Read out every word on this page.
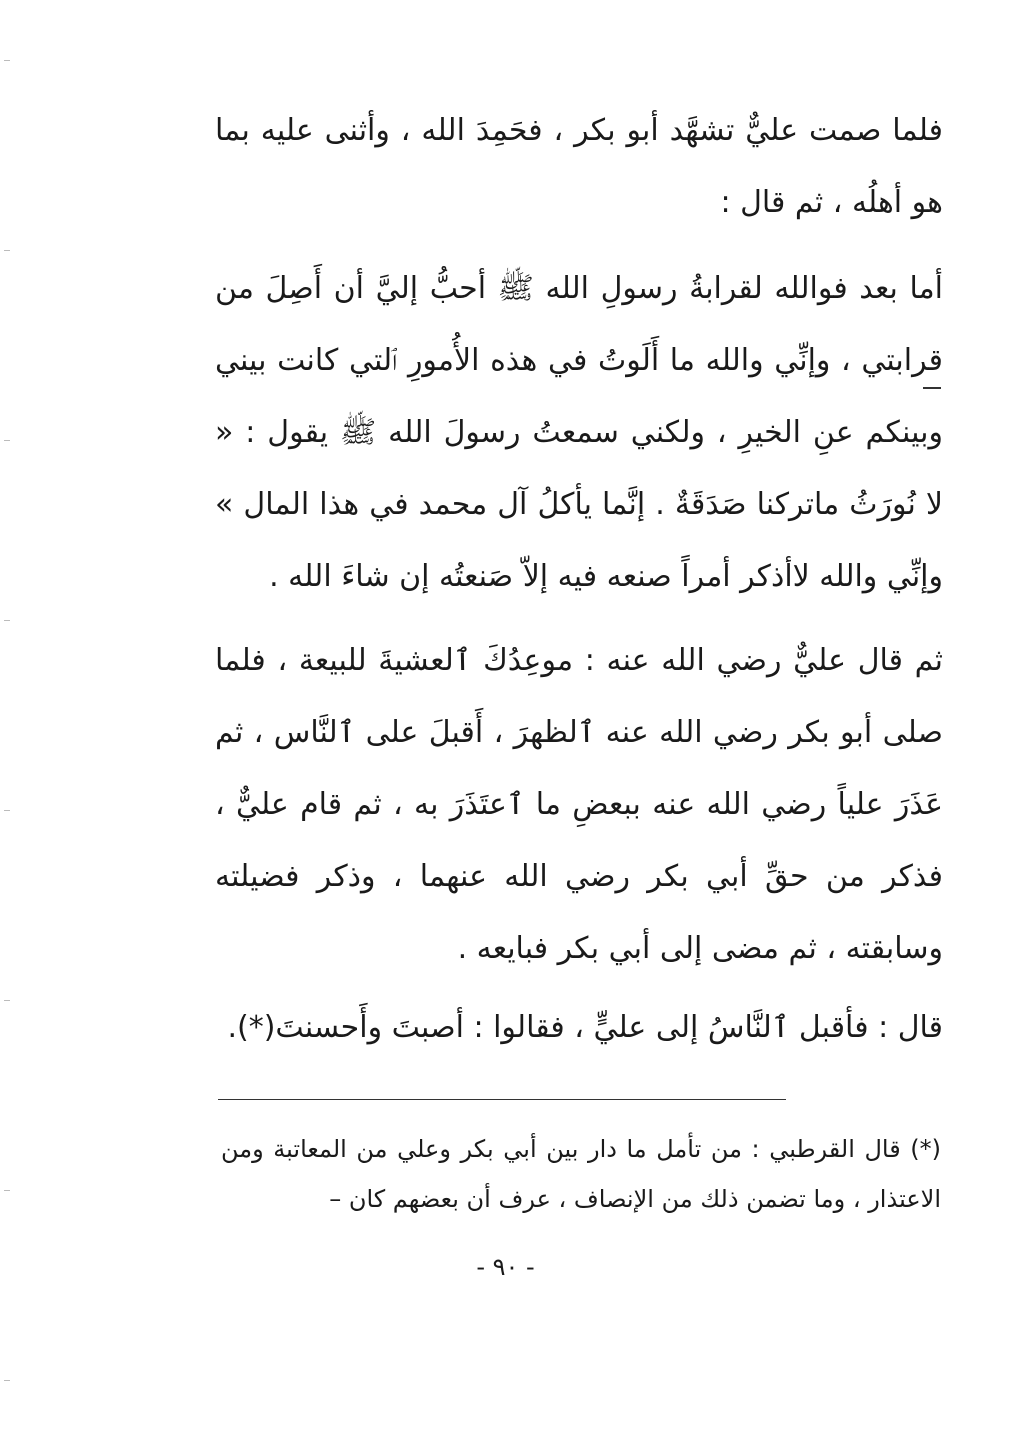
فلما صمت عليٌّ تشهَّد أبو بكر ، فحَمِدَ الله ، وأثنى عليه بما هو أهلُه ، ثم قال :

أما بعد فوالله لقرابةُ رسولِ الله ﷺ أحبُّ إليَّ أن أَصِلَ من قرابتي ، وإنِّي والله ما أَلَوتُ في هذه الأُمورِ ٱلتي كانت بيني وبينكم عنِ الخيرِ ، ولكني سمعتُ رسولَ الله ﷺ يقول : « لا نُورَثُ ماتركنا صَدَقَةٌ . إنَّما يأكلُ آل محمد في هذا المال » وإنِّي والله لاأذكر أمراً صنعه فيه إلاّ صَنعتُه إن شاءَ الله .

ثم قال عليٌّ رضي الله عنه : موعِدُكَ ٱلعشيةَ للبيعة ، فلما صلى أبو بكر رضي الله عنه ٱلظهرَ ، أَقبلَ على ٱلنَّاس ، ثم عَذَرَ علياً رضي الله عنه ببعضِ ما ٱعتَذَرَ به ، ثم قام عليٌّ ، فذكر من حقِّ أبي بكر رضي الله عنهما ، وذكر فضيلته وسابقته ، ثم مضى إلى أبي بكر فبايعه .

قال : فأقبل ٱلنَّاسُ إلى عليٍّ ، فقالوا : أصبتَ وأَحسنتَ(*).

(*) قال القرطبي : من تأمل ما دار بين أبي بكر وعلي من المعاتبة ومن الاعتذار ، وما تضمن ذلك من الإنصاف ، عرف أن بعضهم كان –

- ٩٠ -
